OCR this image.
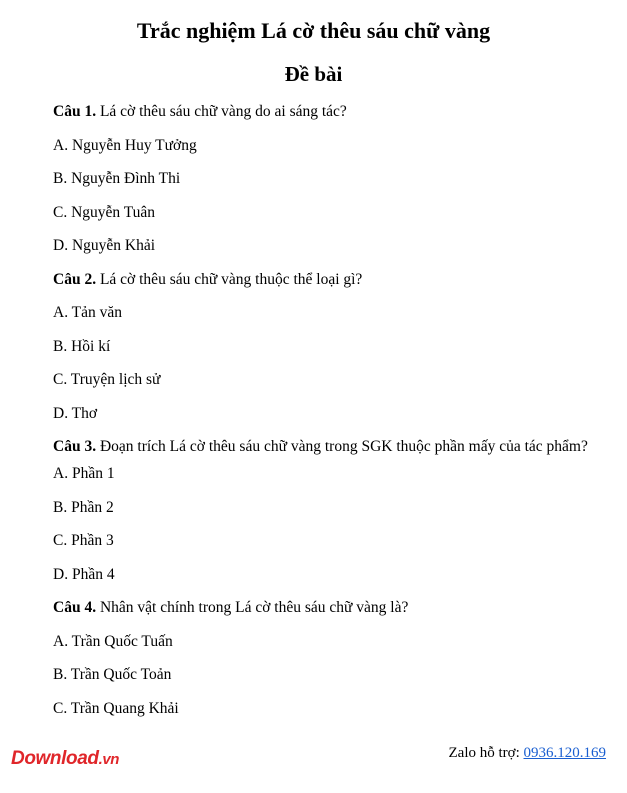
Trắc nghiệm Lá cờ thêu sáu chữ vàng
Đề bài
Câu 1. Lá cờ thêu sáu chữ vàng do ai sáng tác?
A. Nguyễn Huy Tưởng
B. Nguyễn Đình Thi
C. Nguyễn Tuân
D. Nguyễn Khải
Câu 2. Lá cờ thêu sáu chữ vàng thuộc thể loại gì?
A. Tản văn
B. Hồi kí
C. Truyện lịch sử
D. Thơ
Câu 3. Đoạn trích Lá cờ thêu sáu chữ vàng trong SGK thuộc phần mấy của tác phẩm?
A. Phần 1
B. Phần 2
C. Phần 3
D. Phần 4
Câu 4. Nhân vật chính trong Lá cờ thêu sáu chữ vàng là?
A. Trần Quốc Tuấn
B. Trần Quốc Toản
C. Trần Quang Khải
Download.vn	Zalo hỗ trợ: 0936.120.169
